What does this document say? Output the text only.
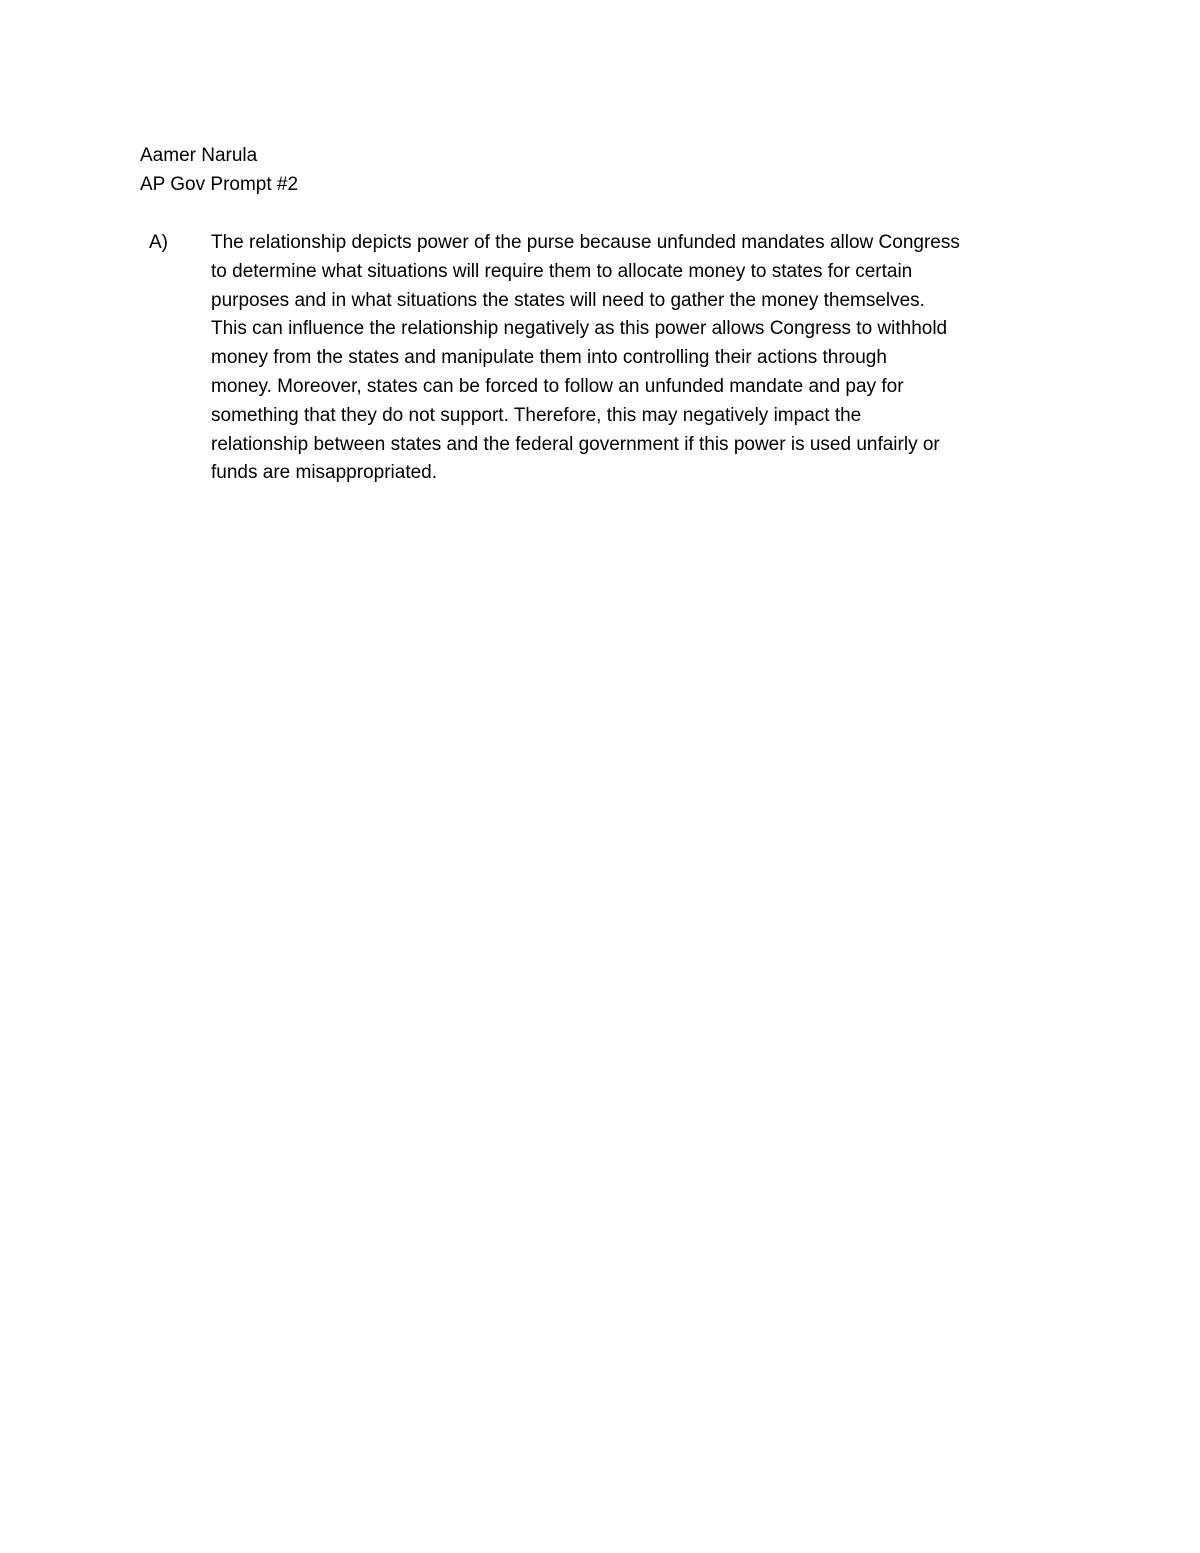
Aamer Narula
AP Gov Prompt #2
A) The relationship depicts power of the purse because unfunded mandates allow Congress
to determine what situations will require them to allocate money to states for certain
purposes and in what situations the states will need to gather the money themselves.
This can influence the relationship negatively as this power allows Congress to withhold
money from the states and manipulate them into controlling their actions through
money. Moreover, states can be forced to follow an unfunded mandate and pay for
something that they do not support. Therefore, this may negatively impact the
relationship between states and the federal government if this power is used unfairly or
funds are misappropriated.
